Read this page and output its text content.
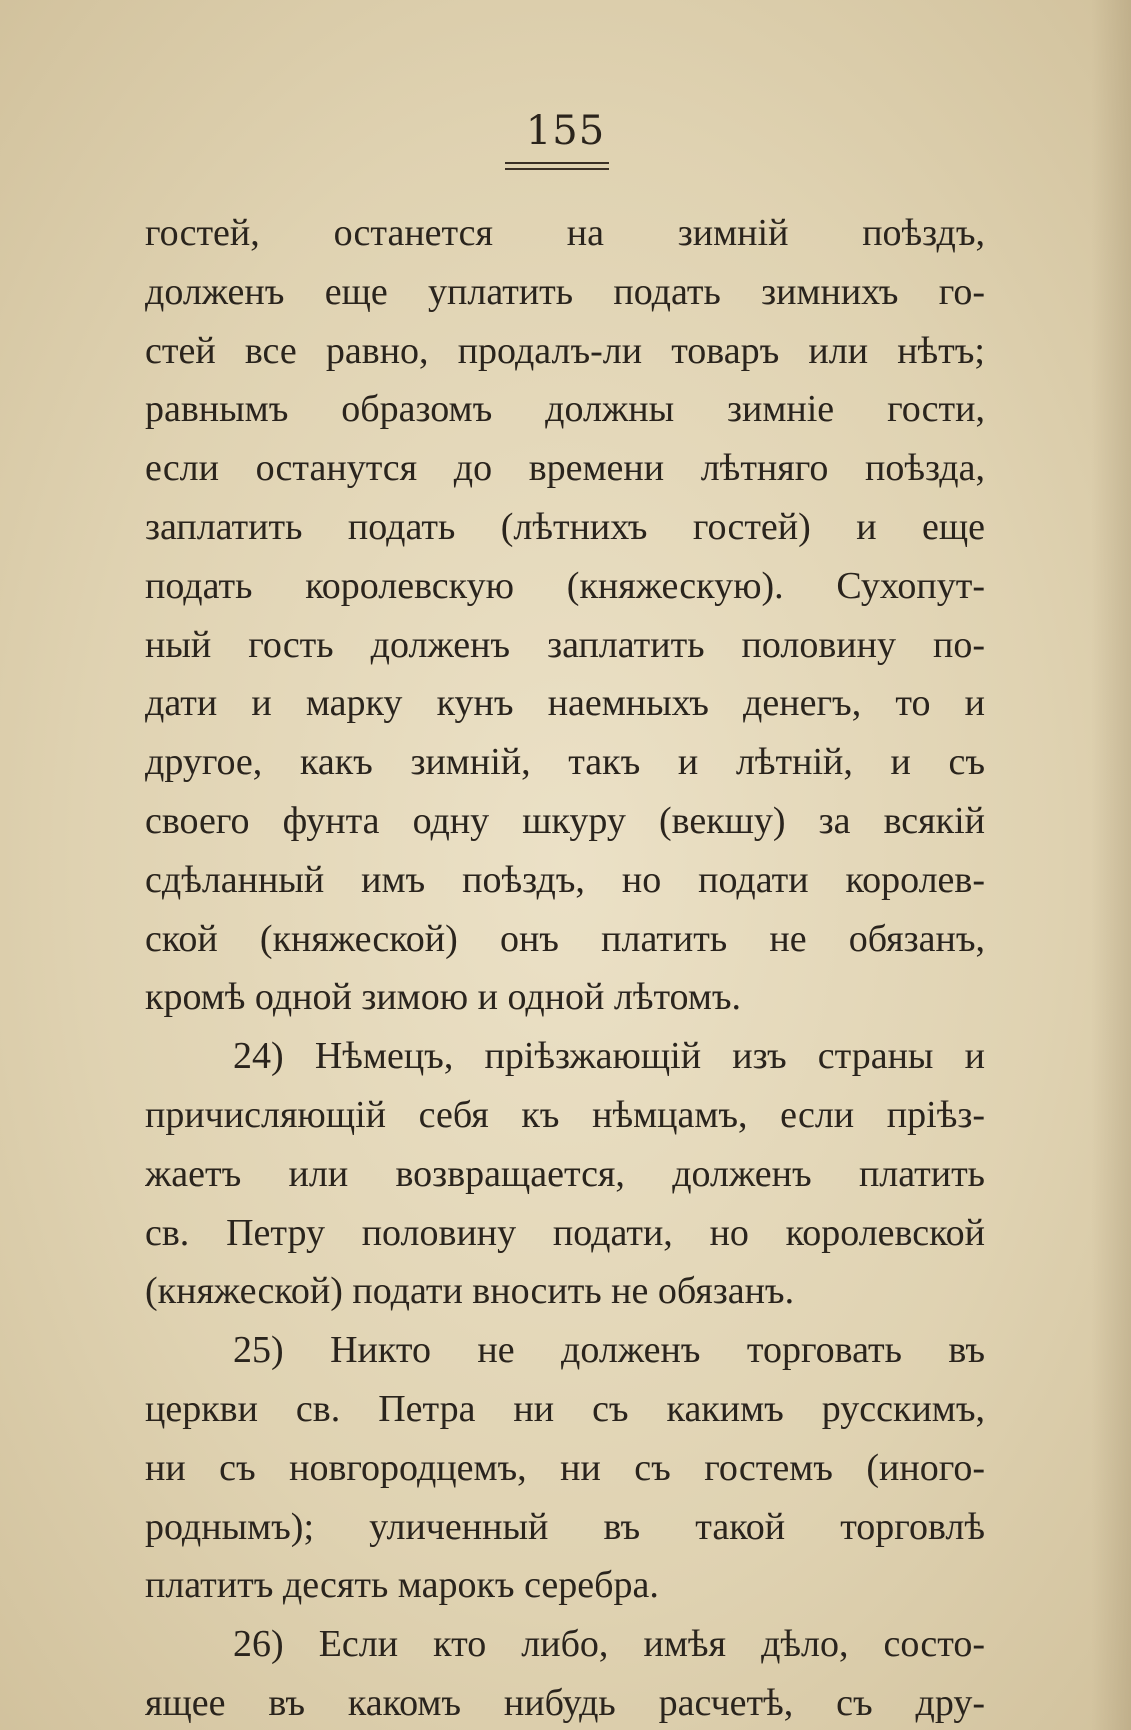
155
гостей, останется на зимній поѣздъ,
долженъ еще уплатить подать зимнихъ го-
стей все равно, продалъ-ли товаръ или нѣтъ;
равнымъ образомъ должны зимніе гости,
если останутся до времени лѣтняго поѣзда,
заплатить подать (лѣтнихъ гостей) и еще
подать королевскую (княжескую). Сухопут-
ный гость долженъ заплатить половину по-
дати и марку кунъ наемныхъ денегъ, то и
другое, какъ зимній, такъ и лѣтній, и съ
своего фунта одну шкуру (векшу) за всякій
сдѣланный имъ поѣздъ, но подати королев-
ской (княжеской) онъ платить не обязанъ,
кромѣ одной зимою и одной лѣтомъ.
24) Нѣмецъ, пріѣзжающій изъ страны и
причисляющій себя къ нѣмцамъ, если пріѣз-
жаетъ или возвращается, долженъ платить
св. Петру половину подати, но королевской
(княжеской) подати вносить не обязанъ.
25) Никто не долженъ торговать въ
церкви св. Петра ни съ какимъ русскимъ,
ни съ новгородцемъ, ни съ гостемъ (иного-
роднымъ); уличенный въ такой торговлѣ
платитъ десять марокъ серебра.
26) Если кто либо, имѣя дѣло, состо-
ящее въ какомъ нибудь расчетѣ, съ дру-
